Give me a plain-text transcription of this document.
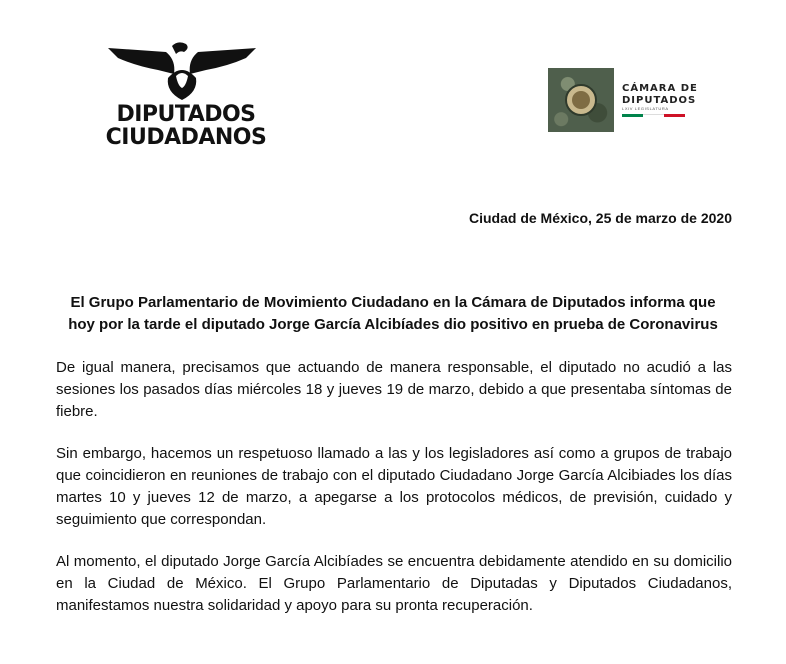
DIPUTADOS
CIUDADANOS
CÁMARA DE
DIPUTADOS
LXIV LEGISLATURA
Ciudad de México, 25 de marzo de 2020
El Grupo Parlamentario de Movimiento Ciudadano en la Cámara de Diputados informa que
hoy por la tarde el diputado Jorge García Alcibíades dio positivo en prueba de Coronavirus

De igual manera, precisamos que actuando de manera responsable, el diputado no acudió a las sesiones los pasados días miércoles 18 y jueves 19 de marzo, debido a que presentaba síntomas de fiebre.

Sin embargo, hacemos un respetuoso llamado a las y los legisladores así como a grupos de trabajo que coincidieron en reuniones de trabajo con el diputado Ciudadano Jorge García Alcibiades los días martes 10 y jueves 12 de marzo, a apegarse a los protocolos médicos, de previsión, cuidado y seguimiento que correspondan.

Al momento, el diputado Jorge García Alcibíades se encuentra debidamente atendido en su domicilio en la Ciudad de México. El Grupo Parlamentario de Diputadas y Diputados Ciudadanos, manifestamos nuestra solidaridad y apoyo para su pronta recuperación.
